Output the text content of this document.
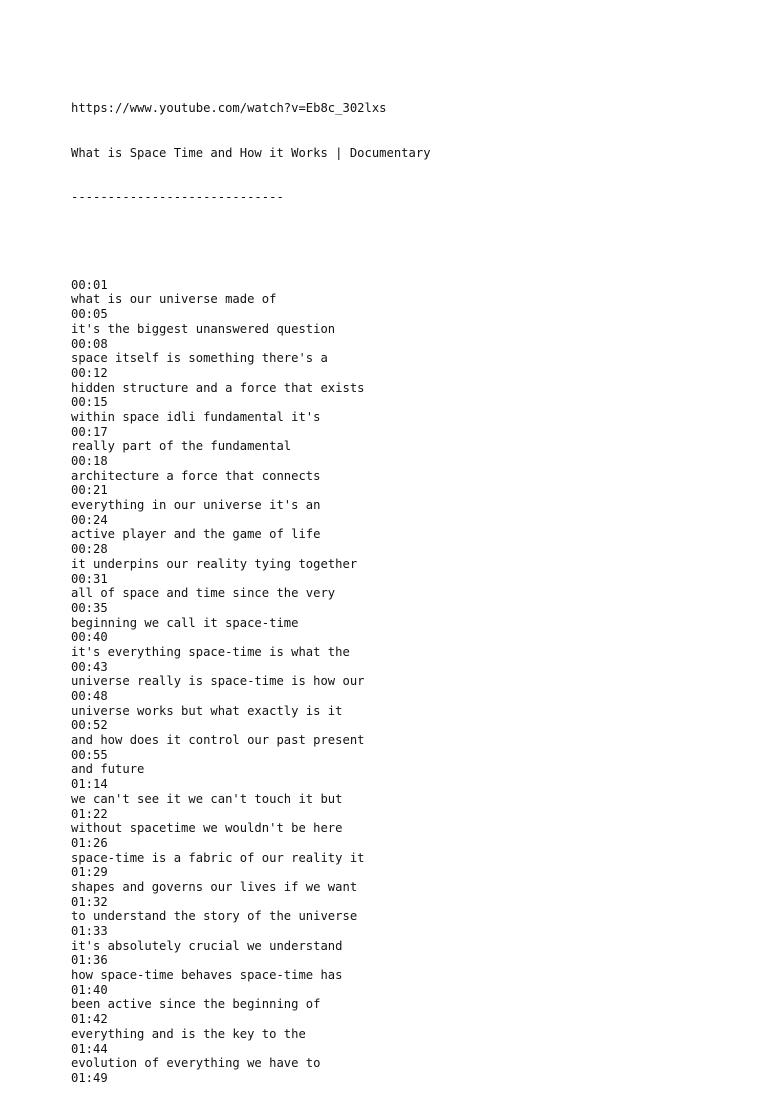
https://www.youtube.com/watch?v=Eb8c_302lxs

What is Space Time and How it Works | Documentary

-----------------------------

00:01
what is our universe made of
00:05
it's the biggest unanswered question
00:08
space itself is something there's a
00:12
hidden structure and a force that exists
00:15
within space idli fundamental it's
00:17
really part of the fundamental
00:18
architecture a force that connects
00:21
everything in our universe it's an
00:24
active player and the game of life
00:28
it underpins our reality tying together
00:31
all of space and time since the very
00:35
beginning we call it space-time
00:40
it's everything space-time is what the
00:43
universe really is space-time is how our
00:48
universe works but what exactly is it
00:52
and how does it control our past present
00:55
and future
01:14
we can't see it we can't touch it but
01:22
without spacetime we wouldn't be here
01:26
space-time is a fabric of our reality it
01:29
shapes and governs our lives if we want
01:32
to understand the story of the universe
01:33
it's absolutely crucial we understand
01:36
how space-time behaves space-time has
01:40
been active since the beginning of
01:42
everything and is the key to the
01:44
evolution of everything we have to
01:49
